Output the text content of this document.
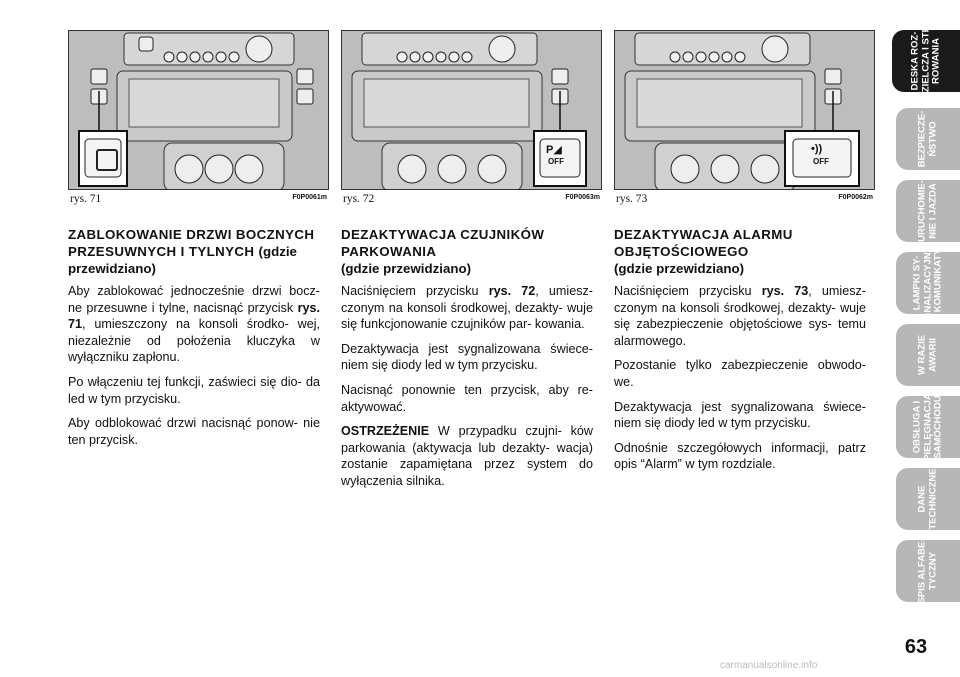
rys. 71	F0P0061m
P◢
OFF
rys. 72	F0P0063m
•))
OFF
rys. 73	F0P0062m
ZABLOKOWANIE DRZWI BOCZNYCH PRZESUWNYCH I TYLNYCH (gdzie przewidziano)

Aby zablokować jednocześnie drzwi bocz- ne przesuwne i tylne, nacisnąć przycisk rys. 71, umieszczony na konsoli środko- wej, niezależnie od położenia kluczyka w wyłączniku zapłonu.

Po włączeniu tej funkcji, zaświeci się dio- da led w tym przycisku.

Aby odblokować drzwi nacisnąć ponow- nie ten przycisk.

DEZAKTYWACJA CZUJNIKÓW PARKOWANIA
(gdzie przewidziano)

Naciśnięciem przycisku rys. 72, umiesz- czonym na konsoli środkowej, dezakty- wuje się funkcjonowanie czujników par- kowania.

Dezaktywacja jest sygnalizowana świece- niem się diody led w tym przycisku.

Nacisnąć ponownie ten przycisk, aby re- aktywować.

OSTRZEŻENIE W przypadku czujni- ków parkowania (aktywacja lub dezakty- wacja) zostanie zapamiętana przez system do wyłączenia silnika.

DEZAKTYWACJA ALARMU OBJĘTOŚCIOWEGO
(gdzie przewidziano)

Naciśnięciem przycisku rys. 73, umiesz- czonym na konsoli środkowej, dezakty- wuje się zabezpieczenie objętościowe sys- temu alarmowego.

Pozostanie tylko zabezpieczenie obwodo- we.

Dezaktywacja jest sygnalizowana świece- niem się diody led w tym przycisku.

Odnośnie szczegółowych informacji, patrz opis “Alarm” w tym rozdziale.

DESKA ROZ-
DZIELCZA I STE-
ROWANIA
BEZPIECZE-
ŃSTWO
URUCHOMIE-
NIE I JAZDA
LAMPKI SY-
GNALIZACYJNE
I KOMUNIKATY
W RAZIE
AWARII
OBSŁUGA I
PIELĘGNACJA
SAMOCHODU
DANE
TECHNICZNE
SPIS ALFABE-
TYCZNY
63
carmanualsonline.info
